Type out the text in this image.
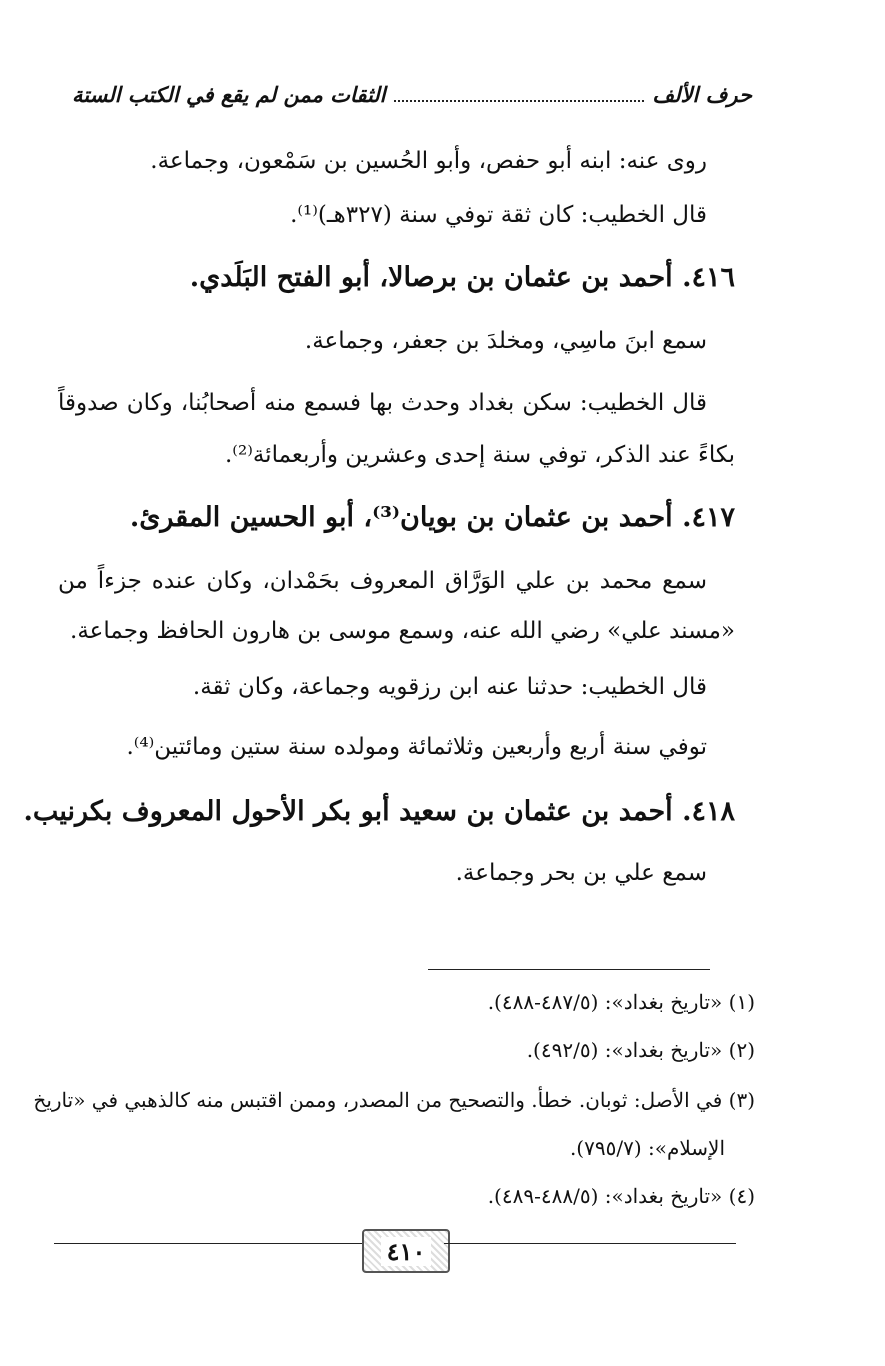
حرف الألف
الثقات ممن لم يقع في الكتب الستة
روى عنه: ابنه أبو حفص، وأبو الحُسين بن سَمْعون، وجماعة.
قال الخطيب: كان ثقة توفي سنة (٣٢٧هـ)⁽¹⁾.
٤١٦. أحمد بن عثمان بن برصالا، أبو الفتح البَلَدي.
سمع ابنَ ماسِي، ومخلدَ بن جعفر، وجماعة.
قال الخطيب: سكن بغداد وحدث بها فسمع منه أصحابُنا، وكان صدوقاً
بكاءً عند الذكر، توفي سنة إحدى وعشرين وأربعمائة⁽²⁾.
٤١٧. أحمد بن عثمان بن بويان⁽³⁾، أبو الحسين المقرئ.
سمع محمد بن علي الوَرَّاق المعروف بحَمْدان، وكان عنده جزءاً من
«مسند علي» رضي الله عنه، وسمع موسى بن هارون الحافظ وجماعة.
قال الخطيب: حدثنا عنه ابن رزقويه وجماعة، وكان ثقة.
توفي سنة أربع وأربعين وثلاثمائة ومولده سنة ستين ومائتين⁽⁴⁾.
٤١٨. أحمد بن عثمان بن سعيد أبو بكر الأحول المعروف بكرنيب.
سمع علي بن بحر وجماعة.
(١) «تاريخ بغداد»: (٤٨٧/٥-٤٨٨).
(٢) «تاريخ بغداد»: (٤٩٢/٥).
(٣) في الأصل: ثوبان. خطأ. والتصحيح من المصدر، وممن اقتبس منه كالذهبي في «تاريخ
الإسلام»: (٧٩٥/٧).
(٤) «تاريخ بغداد»: (٤٨٨/٥-٤٨٩).
٤١٠
